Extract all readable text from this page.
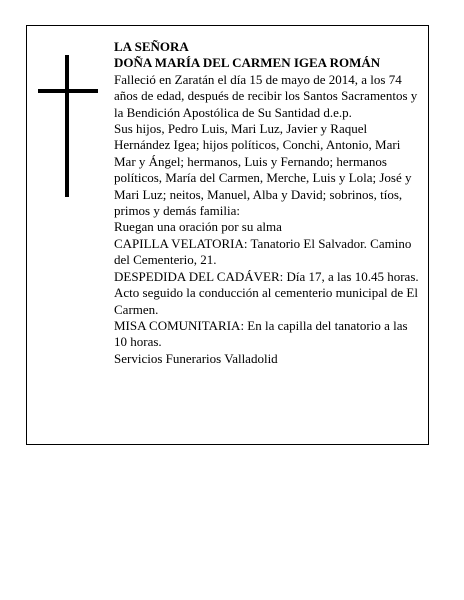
LA SEÑORA

DOÑA MARÍA DEL CARMEN IGEA ROMÁN

Falleció en Zaratán el día 15 de mayo de 2014, a los 74 años de edad, después de recibir los Santos Sacramentos y la Bendición Apostólica de Su Santidad d.e.p.

Sus hijos, Pedro Luis, Mari Luz, Javier y Raquel Hernández Igea; hijos políticos, Conchi, Antonio, Mari Mar y Ángel; hermanos, Luis y Fernando; hermanos políticos, María del Carmen, Merche, Luis y Lola; José y Mari Luz; neitos, Manuel, Alba y David; sobrinos, tíos, primos y demás familia:

Ruegan una oración por su alma

CAPILLA VELATORIA: Tanatorio El Salvador. Camino del Cementerio, 21.

DESPEDIDA DEL CADÁVER: Día 17, a las 10.45 horas. Acto seguido la conducción al cementerio municipal de El Carmen.

MISA COMUNITARIA: En la capilla del tanatorio a las 10 horas.

Servicios Funerarios Valladolid
